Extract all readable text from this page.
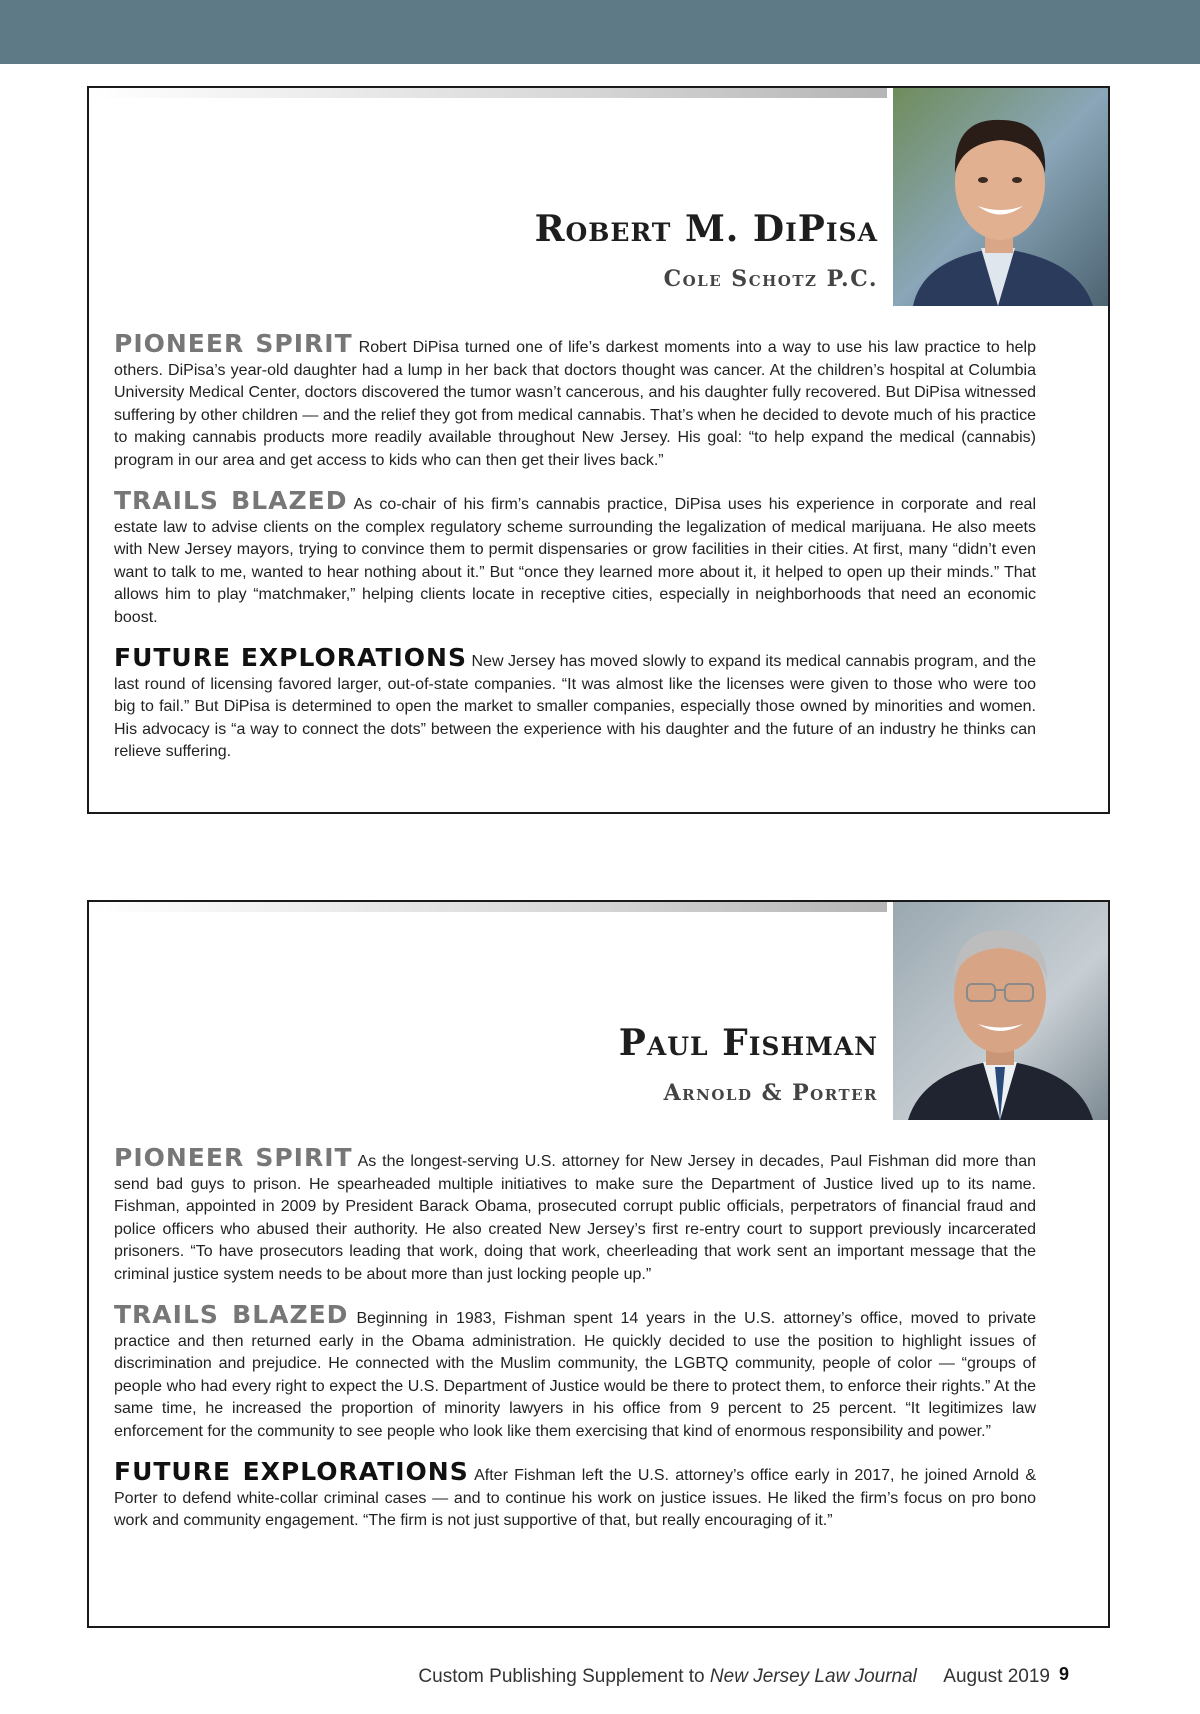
Robert M. DiPisa
Cole Schotz P.C.

PIONEER SPIRIT Robert DiPisa turned one of life’s darkest moments into a way to use his law practice to help others. DiPisa’s year-old daughter had a lump in her back that doctors thought was cancer. At the children’s hospital at Columbia University Medical Center, doctors discovered the tumor wasn’t cancerous, and his daughter fully recovered. But DiPisa witnessed suffering by other children — and the relief they got from medical cannabis. That’s when he decided to devote much of his practice to making cannabis products more readily available throughout New Jersey. His goal: “to help expand the medical (cannabis) program in our area and get access to kids who can then get their lives back.”

TRAILS BLAZED As co-chair of his firm’s cannabis practice, DiPisa uses his experience in corporate and real estate law to advise clients on the complex regulatory scheme surrounding the legalization of medical marijuana. He also meets with New Jersey mayors, trying to convince them to permit dispensaries or grow facilities in their cities. At first, many “didn’t even want to talk to me, wanted to hear nothing about it.” But “once they learned more about it, it helped to open up their minds.” That allows him to play “matchmaker,” helping clients locate in receptive cities, especially in neighborhoods that need an economic boost.

FUTURE EXPLORATIONS New Jersey has moved slowly to expand its medical cannabis program, and the last round of licensing favored larger, out-of-state companies. “It was almost like the licenses were given to those who were too big to fail.” But DiPisa is determined to open the market to smaller companies, especially those owned by minorities and women. His advocacy is “a way to connect the dots” between the experience with his daughter and the future of an industry he thinks can relieve suffering.

Paul Fishman
Arnold & Porter

PIONEER SPIRIT As the longest-serving U.S. attorney for New Jersey in decades, Paul Fishman did more than send bad guys to prison. He spearheaded multiple initiatives to make sure the Department of Justice lived up to its name. Fishman, appointed in 2009 by President Barack Obama, prosecuted corrupt public officials, perpetrators of financial fraud and police officers who abused their authority. He also created New Jersey’s first re-entry court to support previously incarcerated prisoners. “To have prosecutors leading that work, doing that work, cheerleading that work sent an important message that the criminal justice system needs to be about more than just locking people up.”

TRAILS BLAZED Beginning in 1983, Fishman spent 14 years in the U.S. attorney’s office, moved to private practice and then returned early in the Obama administration. He quickly decided to use the position to highlight issues of discrimination and prejudice. He connected with the Muslim community, the LGBTQ community, people of color — “groups of people who had every right to expect the U.S. Department of Justice would be there to protect them, to enforce their rights.” At the same time, he increased the proportion of minority lawyers in his office from 9 percent to 25 percent. “It legitimizes law enforcement for the community to see people who look like them exercising that kind of enormous responsibility and power.”

FUTURE EXPLORATIONS After Fishman left the U.S. attorney’s office early in 2017, he joined Arnold & Porter to defend white-collar criminal cases — and to continue his work on justice issues. He liked the firm’s focus on pro bono work and community engagement. “The firm is not just supportive of that, but really encouraging of it.”

Custom Publishing Supplement to New Jersey Law Journal August 2019 9
